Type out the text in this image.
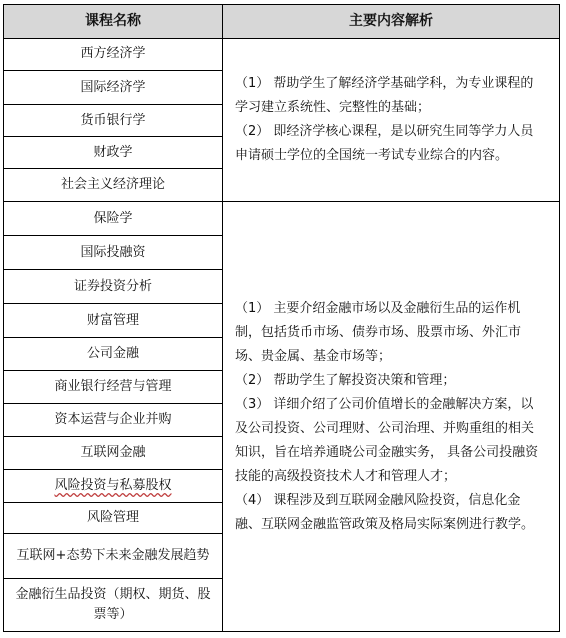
课程名称	主要内容解析
西方经济学
国际经济学
货币银行学
财政学
社会主义经济理论

（1） 帮助学生了解经济学基础学科，为专业课程的学习建立系统性、完整性的基础；

（2） 即经济学核心课程，是以研究生同等学力人员申请硕士学位的全国统一考试专业综合的内容。

保险学
国际投融资
证券投资分析
财富管理
公司金融
商业银行经营与管理
资本运营与企业并购
互联网金融
风险投资与私募股权
风险管理
互联网+态势下未来金融发展趋势
金融衍生品投资（期权、期货、股票等）

（1） 主要介绍金融市场以及金融衍生品的运作机制，包括货币市场、债券市场、股票市场、外汇市场、贵金属、基金市场等；

（2） 帮助学生了解投资决策和管理；

（3） 详细介绍了公司价值增长的金融解决方案，以及公司投资、公司理财、公司治理、并购重组的相关知识，旨在培养通晓公司金融实务， 具备公司投融资技能的高级投资技术人才和管理人才；

（4） 课程涉及到互联网金融风险投资，信息化金融、互联网金融监管政策及格局实际案例进行教学。
